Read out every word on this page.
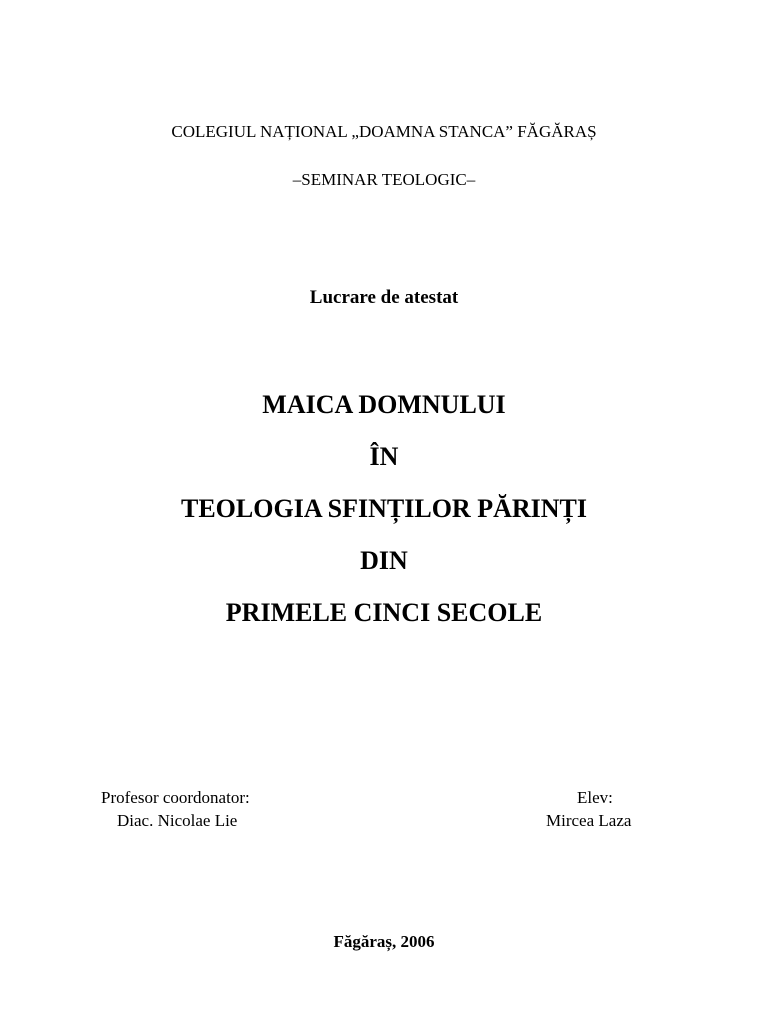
COLEGIUL NAȚIONAL „DOAMNA STANCA” FĂGĂRAȘ
–SEMINAR TEOLOGIC–
Lucrare de atestat
MAICA DOMNULUI
ÎN
TEOLOGIA SFINȚILOR PĂRINȚI
DIN
PRIMELE CINCI SECOLE
Profesor coordonator:
Diac. Nicolae Lie
Elev:
Mircea Laza
Făgăraș, 2006
